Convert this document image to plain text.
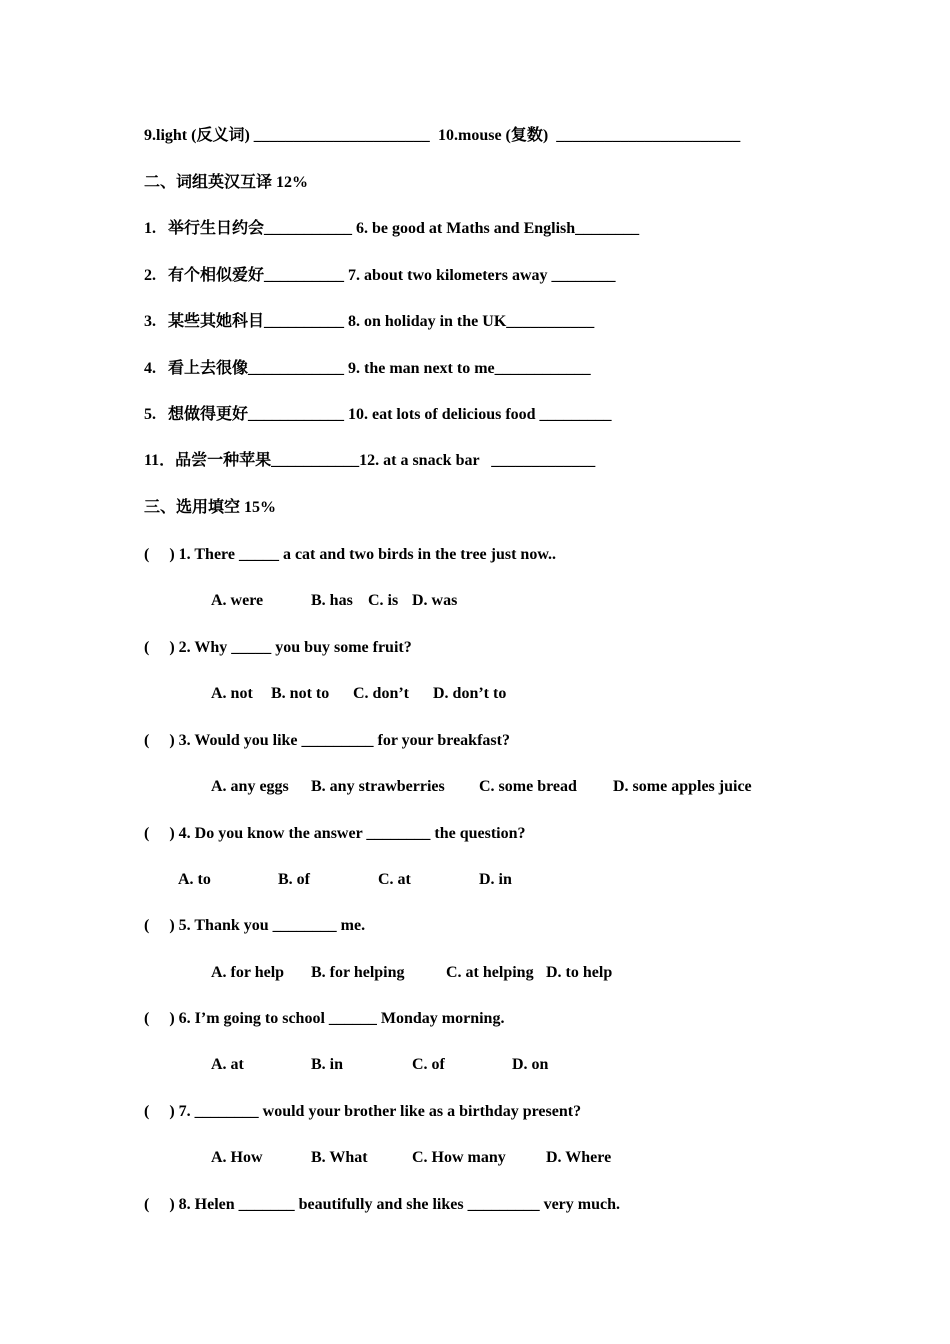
9.light (反义词) ______________________ 10.mouse (复数)  _______________________
二、词组英汉互译 12%
1.   举行生日约会___________ 6. be good at Maths and English________
2.   有个相似爱好__________ 7. about two kilometers away ________
3.   某些其她科目__________ 8. on holiday in the UK___________
4.   看上去很像____________ 9. the man next to me____________
5.   想做得更好____________ 10. eat lots of delicious food _________
11．品尝一种苹果___________12. at a snack bar   _____________
三、选用填空 15%
(     ) 1. There _____ a cat and two birds in the tree just now..
A. were	B. has C. is D. was
(     ) 2. Why _____ you buy some fruit?
A. not B. not to C. don’t D. don’t to
(     ) 3. Would you like _________ for your breakfast?
A. any eggs B. any strawberries C. some bread D. some apples juice
(     ) 4. Do you know the answer ________ the question?
A. to	B. of	C. at	D. in
(     ) 5. Thank you ________ me.
A. for help B. for helping	C. at helping D. to help
(     ) 6. I’m going to school ______ Monday morning.
A. at	B. in	C. of	D. on
(     ) 7. ________ would your brother like as a birthday present?
A. How	B. What	C. How many	D. Where
(     ) 8. Helen _______ beautifully and she likes _________ very much.
